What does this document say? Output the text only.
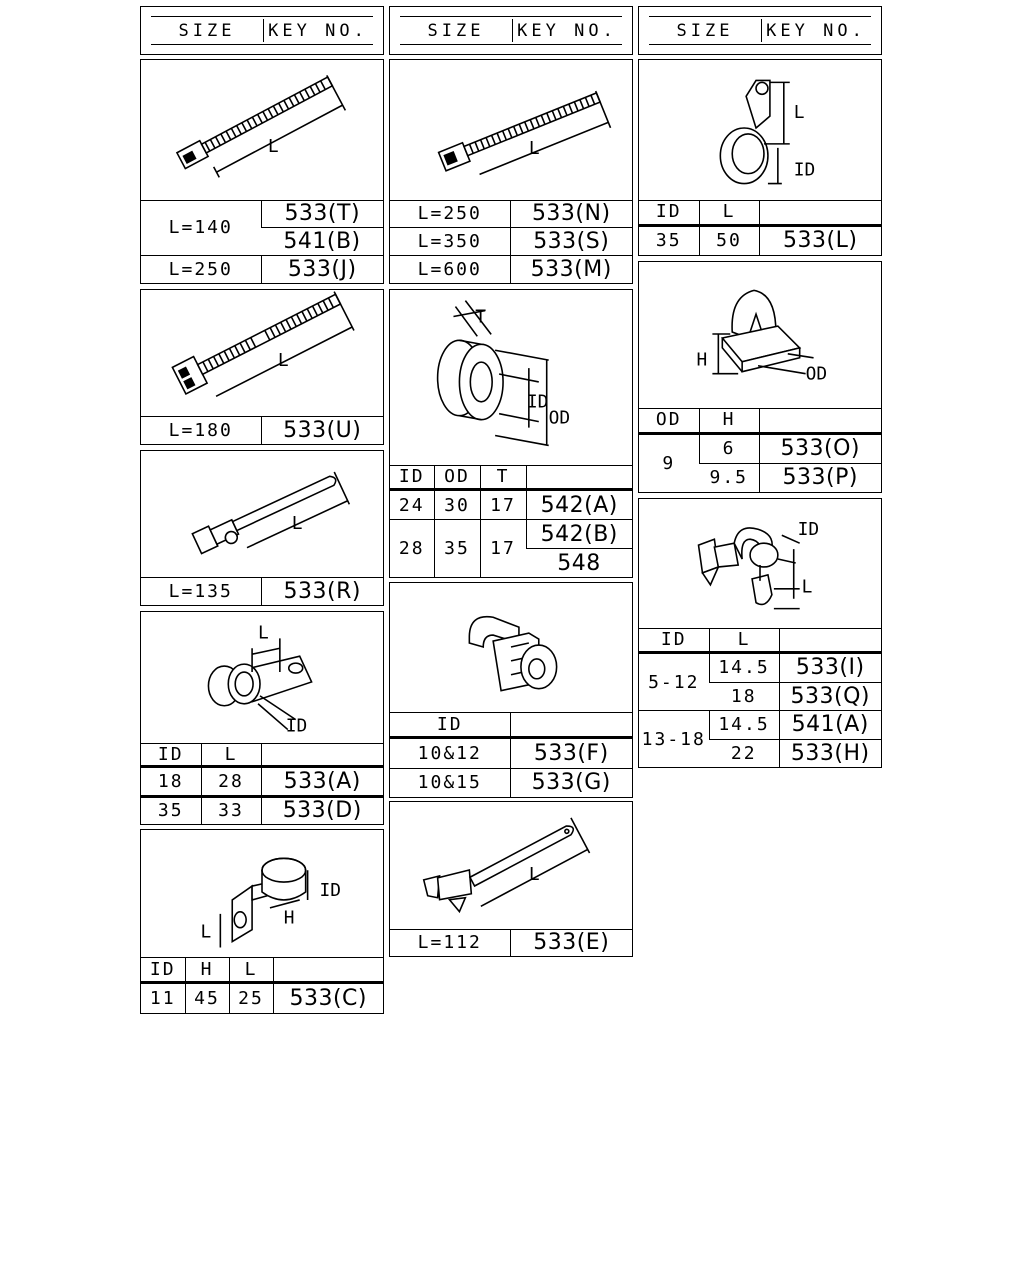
SIZE	KEY NO.	SIZE	KEY NO.	SIZE	KEY NO.
L
L=140	533(T)
	541(B)
L=250	533(J)
L
L=180	533(U)
L
L=135	533(R)
L
ID
ID	L	
18	28	533(A)
35	33	533(D)
ID
H
L
ID	H	L	
11	45	25	533(C)
L
L=250	533(N)
L=350	533(S)
L=600	533(M)
T
ID
OD
ID	OD	T	
24	30	17	542(A)
28	35	17	542(B)
			548
ID	
10&12	533(F)
10&15	533(G)
L
L=112	533(E)
L
ID
ID	L	
35	50	533(L)
H
OD
OD	H	
9	6	533(O)
	9.5	533(P)
ID
L
ID	L	
5-12	14.5	533(I)
	18	533(Q)
13-18	14.5	541(A)
	22	533(H)
